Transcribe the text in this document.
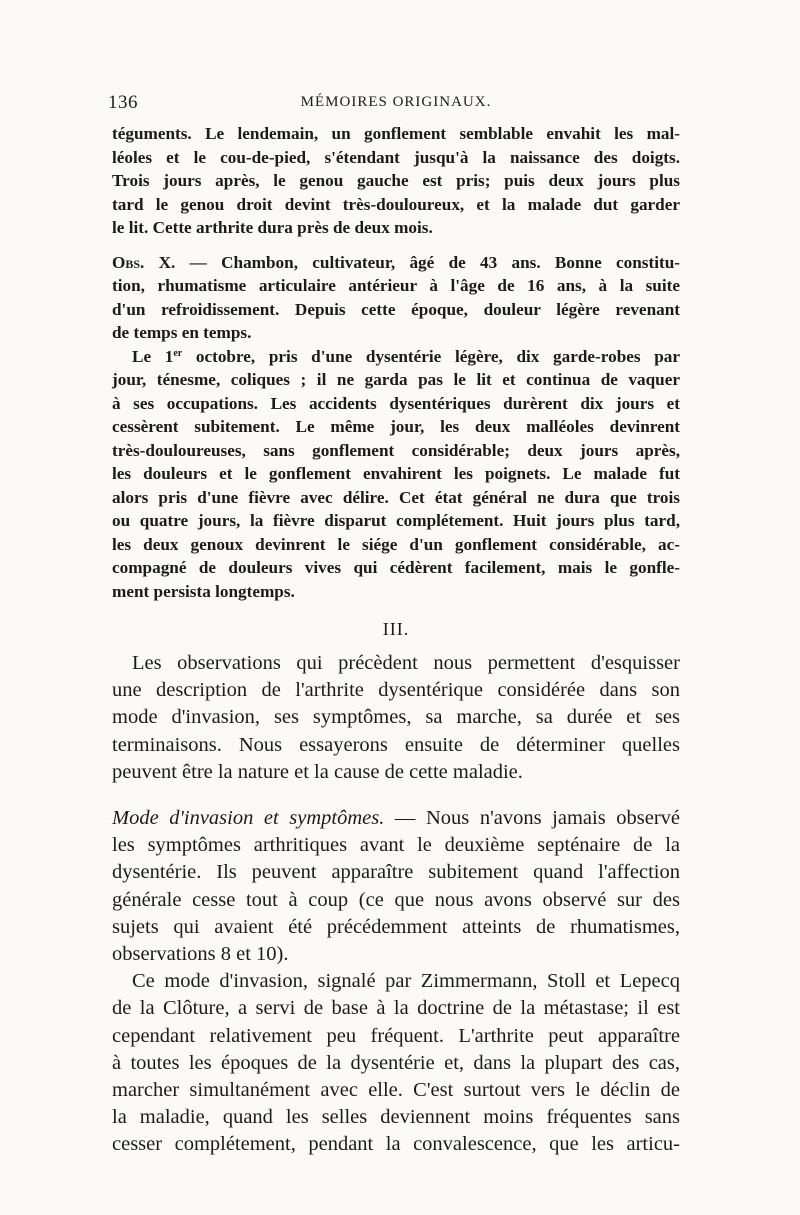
136	MÉMOIRES ORIGINAUX.

téguments. Le lendemain, un gonflement semblable envahit les mal-
léoles et le cou-de-pied, s'étendant jusqu'à la naissance des doigts.
Trois jours après, le genou gauche est pris; puis deux jours plus
tard le genou droit devint très-douloureux, et la malade dut garder
le lit. Cette arthrite dura près de deux mois.

Obs. X. — Chambon, cultivateur, âgé de 43 ans. Bonne constitu-
tion, rhumatisme articulaire antérieur à l'âge de 16 ans, à la suite
d'un refroidissement. Depuis cette époque, douleur légère revenant
de temps en temps.

Le 1er octobre, pris d'une dysentérie légère, dix garde-robes par
jour, ténesme, coliques ; il ne garda pas le lit et continua de vaquer
à ses occupations. Les accidents dysentériques durèrent dix jours et
cessèrent subitement. Le même jour, les deux malléoles devinrent
très-douloureuses, sans gonflement considérable; deux jours après,
les douleurs et le gonflement envahirent les poignets. Le malade fut
alors pris d'une fièvre avec délire. Cet état général ne dura que trois
ou quatre jours, la fièvre disparut complétement. Huit jours plus tard,
les deux genoux devinrent le siége d'un gonflement considérable, ac-
compagné de douleurs vives qui cédèrent facilement, mais le gonfle-
ment persista longtemps.

III.

Les observations qui précèdent nous permettent d'esquisser
une description de l'arthrite dysentérique considérée dans son
mode d'invasion, ses symptômes, sa marche, sa durée et ses
terminaisons. Nous essayerons ensuite de déterminer quelles
peuvent être la nature et la cause de cette maladie.

Mode d'invasion et symptômes. — Nous n'avons jamais observé
les symptômes arthritiques avant le deuxième septénaire de la
dysentérie. Ils peuvent apparaître subitement quand l'affection
générale cesse tout à coup (ce que nous avons observé sur des
sujets qui avaient été précédemment atteints de rhumatismes,
observations 8 et 10).

Ce mode d'invasion, signalé par Zimmermann, Stoll et Lepecq
de la Clôture, a servi de base à la doctrine de la métastase; il est
cependant relativement peu fréquent. L'arthrite peut apparaître
à toutes les époques de la dysentérie et, dans la plupart des cas,
marcher simultanément avec elle. C'est surtout vers le déclin de
la maladie, quand les selles deviennent moins fréquentes sans
cesser complétement, pendant la convalescence, que les articu-
